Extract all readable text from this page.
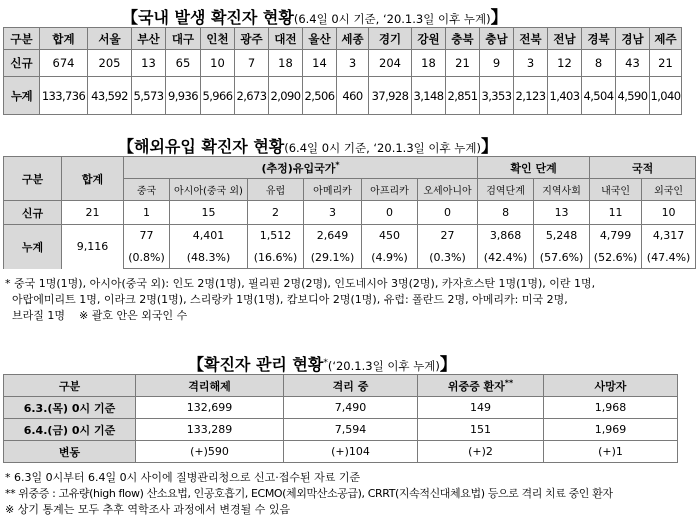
【국내 발생 확진자 현황(6.4일 0시 기준, ‘20.1.3일 이후 누계)】
구분	합계	서울	부산	대구	인천	광주	대전	울산	세종	경기	강원	충북	충남	전북	전남	경북	경남	제주
신규	674	205	13	65	10	7	18	14	3	204	18	21	9	3	12	8	43	21
누계	133,736	43,592	5,573	9,936	5,966	2,673	2,090	2,506	460	37,928	3,148	2,851	3,353	2,123	1,403	4,504	4,590	1,040
【해외유입 확진자 현황(6.4일 0시 기준, ‘20.1.3일 이후 누계)】
구분	합계	(추정)유입국가*						확인 단계		국적	
		중국	아시아(중국 외)	유럽	아메리카	아프리카	오세아니아	검역단계	지역사회	내국인	외국인
신규	21	1	15	2	3	0	0	8	13	11	10
누계	9,116	77	4,401	1,512	2,649	450	27	3,868	5,248	4,799	4,317
		(0.8%)	(48.3%)	(16.6%)	(29.1%)	(4.9%)	(0.3%)	(42.4%)	(57.6%)	(52.6%)	(47.4%)
* 중국 1명(1명), 아시아(중국 외): 인도 2명(1명), 필리핀 2명(2명), 인도네시아 3명(2명), 카자흐스탄 1명(1명), 이란 1명,
아랍에미리트 1명, 이라크 2명(1명), 스리랑카 1명(1명), 캄보디아 2명(1명), 유럽: 폴란드 2명, 아메리카: 미국 2명,
브라질 1명    ※ 괄호 안은 외국인 수
【확진자 관리 현황*(‘20.1.3일 이후 누계)】
구분	격리해제	격리 중	위중증 환자**	사망자
6.3.(목) 0시 기준	132,699	7,490	149	1,968
6.4.(금) 0시 기준	133,289	7,594	151	1,969
변동	(+)590	(+)104	(+)2	(+)1
* 6.3일 0시부터 6.4일 0시 사이에 질병관리청으로 신고·접수된 자료 기준
** 위중증 : 고유량(high flow) 산소요법, 인공호흡기, ECMO(체외막산소공급), CRRT(지속적신대체요법) 등으로 격리 치료 중인 환자
※ 상기 통계는 모두 추후 역학조사 과정에서 변경될 수 있음
